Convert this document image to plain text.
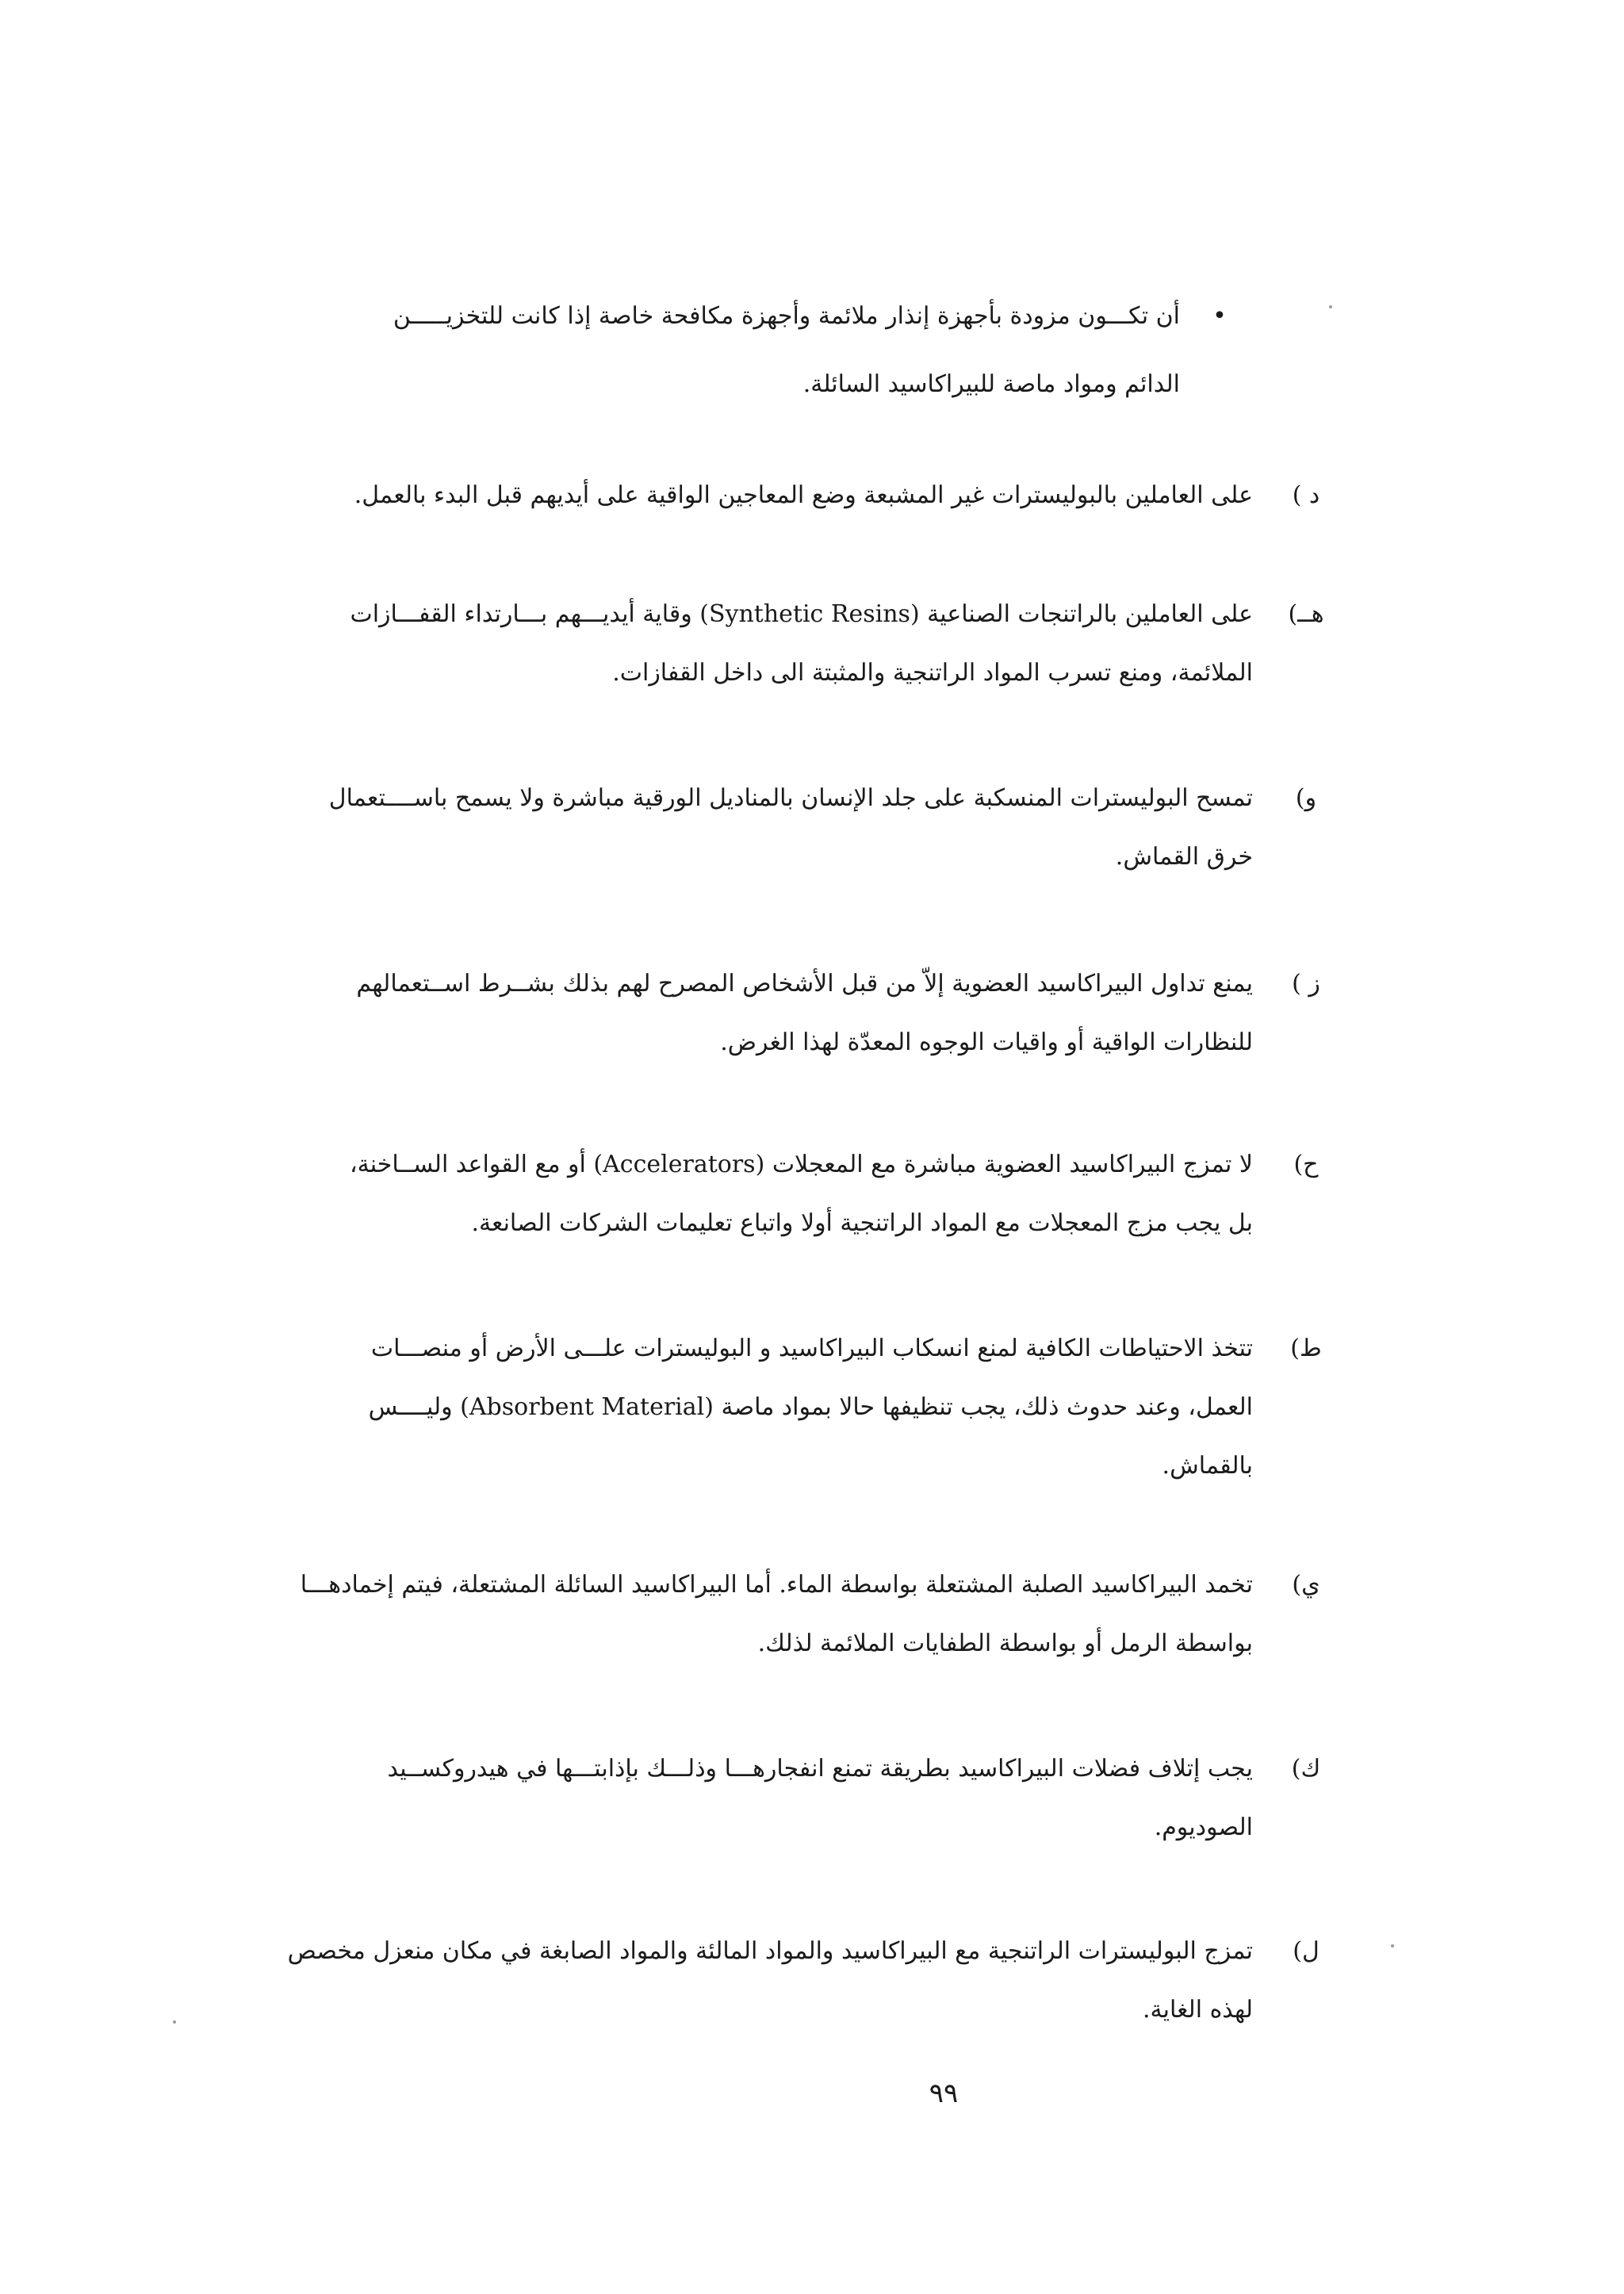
•

أن تكـــون مزودة بأجهزة إنذار ملائمة وأجهزة مكافحة خاصة إذا كانت للتخزيـــــن
الدائم ومواد ماصة للبيراكاسيد السائلة.

د )

على العاملين بالبوليسترات غير المشبعة وضع المعاجين الواقية على أيديهم قبل البدء بالعمل.

هــ)

على العاملين بالراتنجات الصناعية (Synthetic Resins) وقاية أيديـــهم بـــارتداء القفـــازات
الملائمة، ومنع تسرب المواد الراتنجية والمثبتة الى داخل القفازات.

و)

تمسح البوليسترات المنسكبة على جلد الإنسان بالمناديل الورقية مباشرة ولا يسمح باســــتعمال
خرق القماش.

ز )

يمنع تداول البيراكاسيد العضوية إلاّ من قبل الأشخاص المصرح لهم بذلك بشــرط اســتعمالهم
للنظارات الواقية أو واقيات الوجوه المعدّة لهذا الغرض.

ح)

لا تمزج البيراكاسيد العضوية مباشرة مع المعجلات (Accelerators) أو مع القواعد الســاخنة،
بل يجب مزج المعجلات مع المواد الراتنجية أولا واتباع تعليمات الشركات الصانعة.

ط)

تتخذ الاحتياطات الكافية لمنع انسكاب البيراكاسيد و البوليسترات علـــى الأرض أو منصـــات
العمل، وعند حدوث ذلك، يجب تنظيفها حالا بمواد ماصة (Absorbent Material) وليــــس
بالقماش.

ي)

تخمد البيراكاسيد الصلبة المشتعلة بواسطة الماء. أما البيراكاسيد السائلة المشتعلة، فيتم إخمادهـــا
بواسطة الرمل أو بواسطة الطفايات الملائمة لذلك.

ك)

يجب إتلاف فضلات البيراكاسيد بطريقة تمنع انفجارهـــا وذلـــك بإذابتـــها في هيدروكســيد
الصوديوم.

ل)

تمزج البوليسترات الراتنجية مع البيراكاسيد والمواد المالئة والمواد الصابغة في مكان منعزل مخصص
لهذه الغاية.

٩٩
